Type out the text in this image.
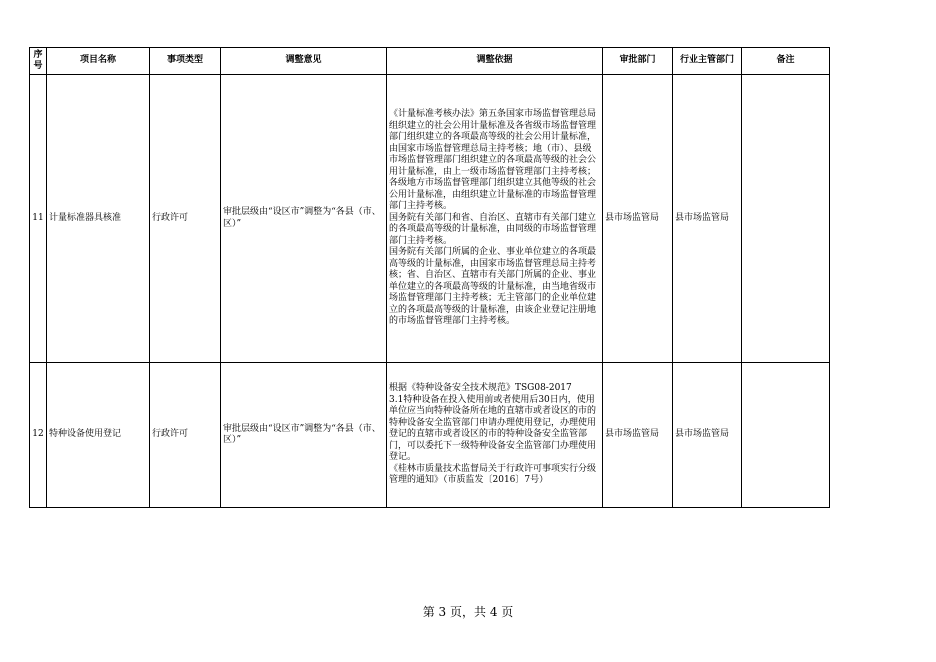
序号	项目名称	事项类型	调整意见	调整依据	审批部门	行业主管部门	备注
11	计量标准器具核准	行政许可	审批层级由“设区市”调整为“各县（市、区）”	《计量标准考核办法》第五条国家市场监督管理总局组织建立的社会公用计量标准及各省级市场监督管理部门组织建立的各项最高等级的社会公用计量标准，由国家市场监督管理总局主持考核；地（市）、县级市场监督管理部门组织建立的各项最高等级的社会公用计量标准，由上一级市场监督管理部门主持考核；各级地方市场监督管理部门组织建立其他等级的社会公用计量标准，由组织建立计量标准的市场监督管理部门主持考核。

国务院有关部门和省、自治区、直辖市有关部门建立的各项最高等级的计量标准，由同级的市场监督管理部门主持考核。

国务院有关部门所属的企业、事业单位建立的各项最高等级的计量标准，由国家市场监督管理总局主持考核；省、自治区、直辖市有关部门所属的企业、事业单位建立的各项最高等级的计量标准，由当地省级市场监督管理部门主持考核；无主管部门的企业单位建立的各项最高等级的计量标准，由该企业登记注册地的市场监督管理部门主持考核。	县市场监管局	县市场监管局	
12	特种设备使用登记	行政许可	审批层级由“设区市”调整为“各县（市、区）”	根据《特种设备安全技术规范》TSG08-2017

3.1特种设备在投入使用前或者使用后30日内，使用单位应当向特种设备所在地的直辖市或者设区的市的特种设备安全监管部门申请办理使用登记，办理使用登记的直辖市或者设区的市的特种设备安全监管部门，可以委托下一级特种设备安全监管部门办理使用登记。

《桂林市质量技术监督局关于行政许可事项实行分级管理的通知》（市质监发〔2016〕7号）	县市场监管局	县市场监管局	
第 3 页，共 4 页
